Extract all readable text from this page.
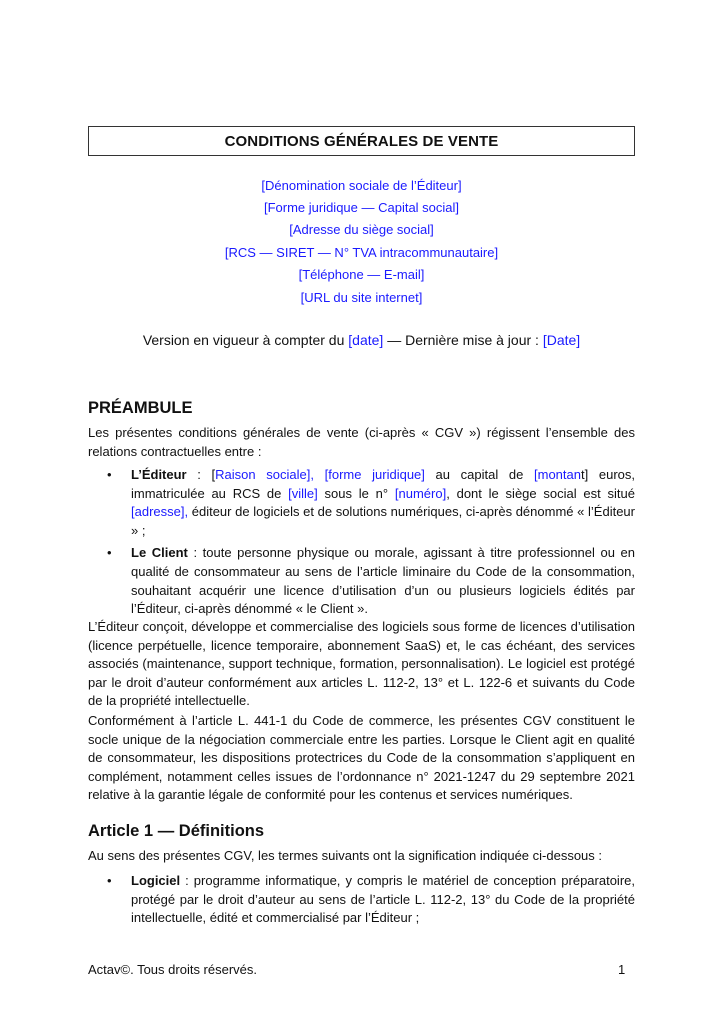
CONDITIONS GÉNÉRALES DE VENTE
[Dénomination sociale de l’Éditeur]
[Forme juridique — Capital social]
[Adresse du siège social]
[RCS — SIRET — N° TVA intracommunautaire]
[Téléphone — E-mail]
[URL du site internet]
Version en vigueur à compter du [date] — Dernière mise à jour : [Date]
PRÉAMBULE

Les présentes conditions générales de vente (ci-après « CGV ») régissent l’ensemble des relations contractuelles entre :

• L’Éditeur : [Raison sociale], [forme juridique] au capital de [montant] euros, immatriculée au RCS de [ville] sous le n° [numéro], dont le siège social est situé [adresse], éditeur de logiciels et de solutions numériques, ci-après dénommé « l’Éditeur » ;
• Le Client : toute personne physique ou morale, agissant à titre professionnel ou en qualité de consommateur au sens de l’article liminaire du Code de la consommation, souhaitant acquérir une licence d’utilisation d’un ou plusieurs logiciels édités par l’Éditeur, ci-après dénommé « le Client ».

L’Éditeur conçoit, développe et commercialise des logiciels sous forme de licences d’utilisation (licence perpétuelle, licence temporaire, abonnement SaaS) et, le cas échéant, des services associés (maintenance, support technique, formation, personnalisation). Le logiciel est protégé par le droit d’auteur conformément aux articles L. 112-2, 13° et L. 122-6 et suivants du Code de la propriété intellectuelle.

Conformément à l’article L. 441-1 du Code de commerce, les présentes CGV constituent le socle unique de la négociation commerciale entre les parties. Lorsque le Client agit en qualité de consommateur, les dispositions protectrices du Code de la consommation s’appliquent en complément, notamment celles issues de l’ordonnance n° 2021-1247 du 29 septembre 2021 relative à la garantie légale de conformité pour les contenus et services numériques.

Article 1 — Définitions

Au sens des présentes CGV, les termes suivants ont la signification indiquée ci-dessous :

• Logiciel : programme informatique, y compris le matériel de conception préparatoire, protégé par le droit d’auteur au sens de l’article L. 112-2, 13° du Code de la propriété intellectuelle, édité et commercialisé par l’Éditeur ;
Actav©. Tous droits réservés.	1
